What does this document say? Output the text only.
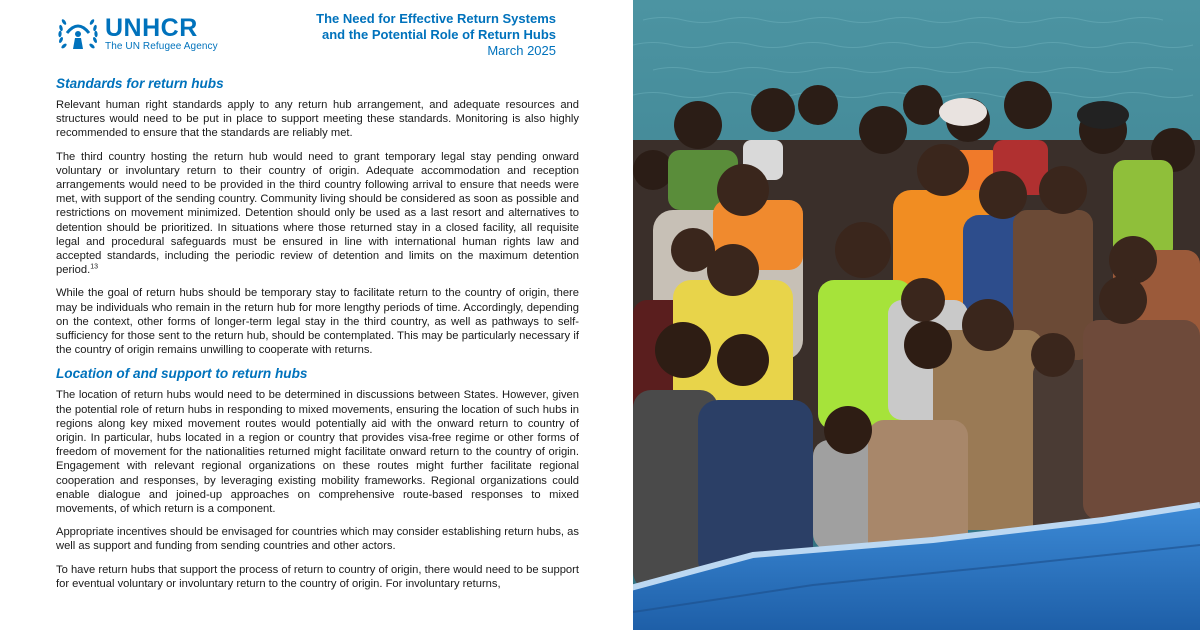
UNHCR
The UN Refugee Agency
The Need for Effective Return Systems
and the Potential Role of Return Hubs
March 2025
Standards for return hubs

Relevant human right standards apply to any return hub arrangement, and adequate resources and structures would need to be put in place to support meeting these standards. Monitoring is also highly recommended to ensure that the standards are reliably met.

The third country hosting the return hub would need to grant temporary legal stay pending onward voluntary or involuntary return to their country of origin. Adequate accommodation and reception arrangements would need to be provided in the third country following arrival to ensure that needs were met, with support of the sending country. Community living should be considered as soon as possible and restrictions on movement minimized. Detention should only be used as a last resort and alternatives to detention should be prioritized. In situations where those returned stay in a closed facility, all requisite legal and procedural safeguards must be ensured in line with international human rights law and accepted standards, including the periodic review of detention and limits on the maximum detention period.$^{13}$

While the goal of return hubs should be temporary stay to facilitate return to the country of origin, there may be individuals who remain in the return hub for more lengthy periods of time. Accordingly, depending on the context, other forms of longer-term legal stay in the third country, as well as pathways to self-sufficiency for those sent to the return hub, should be contemplated. This may be particularly necessary if the country of origin remains unwilling to cooperate with returns.

Location of and support to return hubs

The location of return hubs would need to be determined in discussions between States. However, given the potential role of return hubs in responding to mixed movements, ensuring the location of such hubs in regions along key mixed movement routes would potentially aid with the onward return to country of origin. In particular, hubs located in a region or country that provides visa-free regime or other forms of freedom of movement for the nationalities returned might facilitate onward return to the country of origin. Engagement with relevant regional organizations on these routes might further facilitate regional cooperation and responses, by leveraging existing mobility frameworks. Regional organizations could enable dialogue and joined-up approaches on comprehensive route-based responses to mixed movements, of which return is a component.

Appropriate incentives should be envisaged for countries which may consider establishing return hubs, as well as support and funding from sending countries and other actors.

To have return hubs that support the process of return to country of origin, there would need to be support for eventual voluntary or involuntary return to the country of origin. For involuntary returns,
